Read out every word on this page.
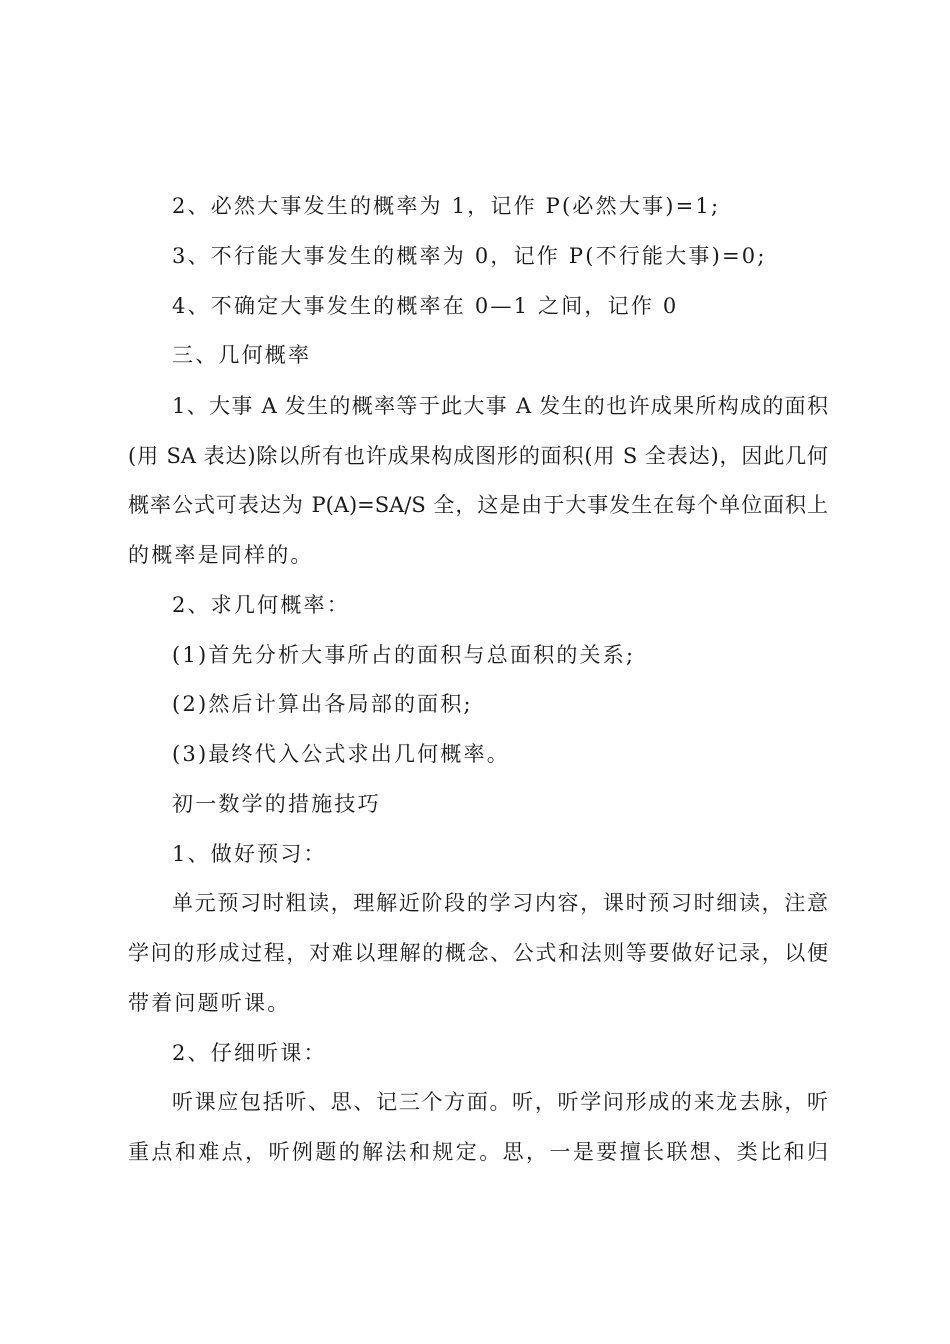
2、必然大事发生的概率为 1，记作 P(必然大事)=1;
3、不行能大事发生的概率为 0，记作 P(不行能大事)=0;
4、不确定大事发生的概率在 0—1 之间，记作 0
三、几何概率
1、大事 A 发生的概率等于此大事 A 发生的也许成果所构成的面积
(用 SA 表达)除以所有也许成果构成图形的面积(用 S 全表达)，因此几何
概率公式可表达为 P(A)=SA/S 全，这是由于大事发生在每个单位面积上
的概率是同样的。
2、求几何概率：
(1)首先分析大事所占的面积与总面积的关系;
(2)然后计算出各局部的面积;
(3)最终代入公式求出几何概率。
初一数学的措施技巧
1、做好预习：
单元预习时粗读，理解近阶段的学习内容，课时预习时细读，注意
学问的形成过程，对难以理解的概念、公式和法则等要做好记录，以便
带着问题听课。
2、仔细听课：
听课应包括听、思、记三个方面。听，听学问形成的来龙去脉，听
重点和难点，听例题的解法和规定。思，一是要擅长联想、类比和归
